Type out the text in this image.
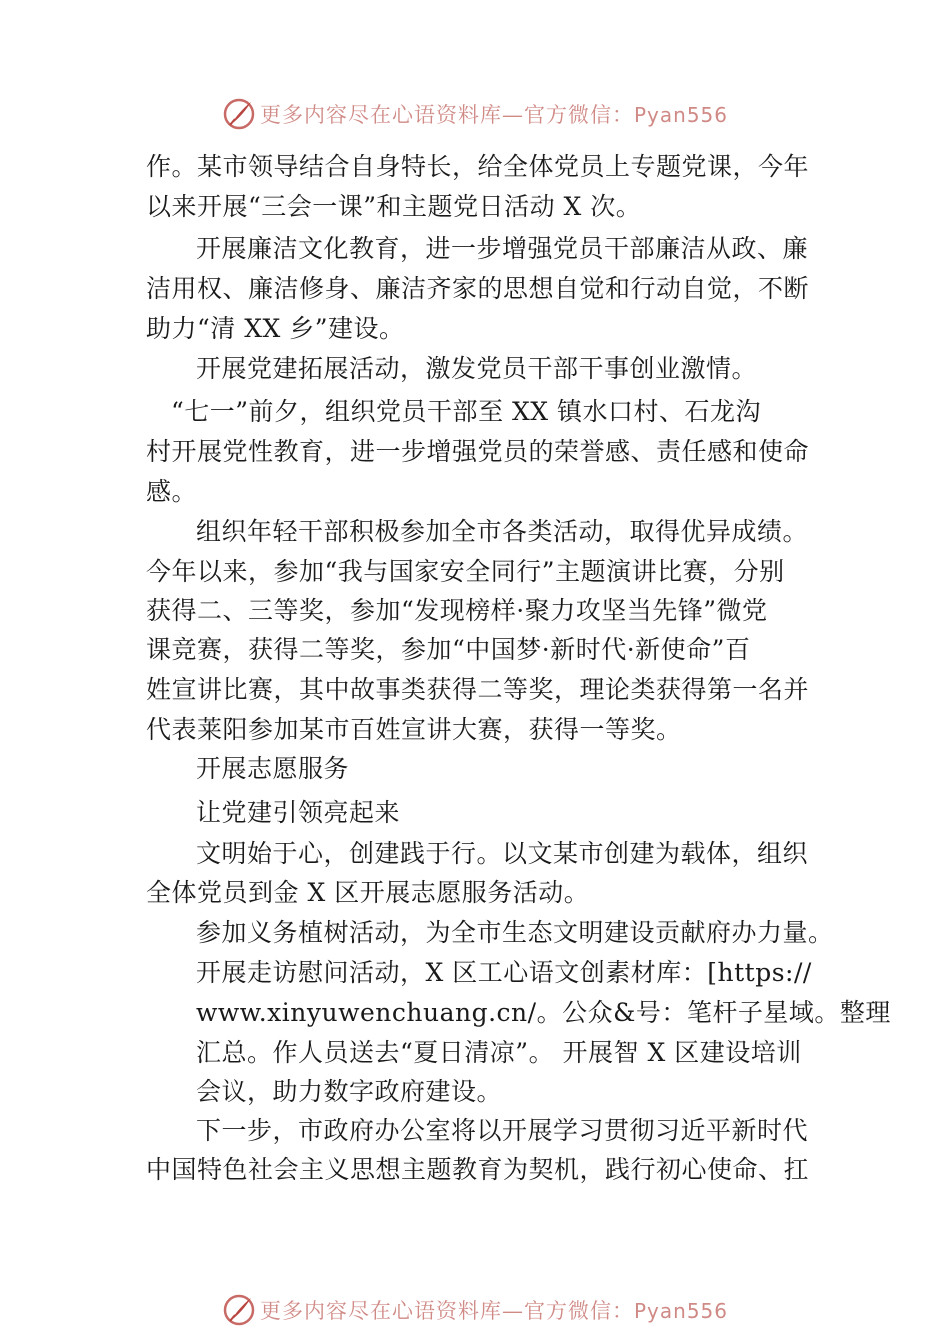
更多内容尽在心语资料库—官方微信：Pyan556
作。某市领导结合自身特长，给全体党员上专题党课，今年
以来开展“三会一课”和主题党日活动 X 次。
开展廉洁文化教育，进一步增强党员干部廉洁从政、廉
洁用权、廉洁修身、廉洁齐家的思想自觉和行动自觉，不断
助力“清 XX 乡”建设。
开展党建拓展活动，激发党员干部干事创业激情。
“七一”前夕，组织党员干部至 XX 镇水口村、石龙沟
村开展党性教育，进一步增强党员的荣誉感、责任感和使命
感。
组织年轻干部积极参加全市各类活动，取得优异成绩。
今年以来，参加“我与国家安全同行”主题演讲比赛，分别
获得二、三等奖，参加“发现榜样·聚力攻坚当先锋”微党
课竞赛，获得二等奖，参加“中国梦·新时代·新使命”百
姓宣讲比赛，其中故事类获得二等奖，理论类获得第一名并
代表莱阳参加某市百姓宣讲大赛，获得一等奖。
开展志愿服务
让党建引领亮起来
文明始于心，创建践于行。以文某市创建为载体，组织
全体党员到金 X 区开展志愿服务活动。
参加义务植树活动，为全市生态文明建设贡献府办力量。
开展走访慰问活动，X 区工心语文创素材库：[https://
www.xinyuwenchuang.cn/。公众&号：笔杆子星域。整理
汇总。作人员送去“夏日清凉”。 开展智 X 区建设培训
会议，助力数字政府建设。
下一步，市政府办公室将以开展学习贯彻习近平新时代
中国特色社会主义思想主题教育为契机，践行初心使命、扛
更多内容尽在心语资料库—官方微信：Pyan556
